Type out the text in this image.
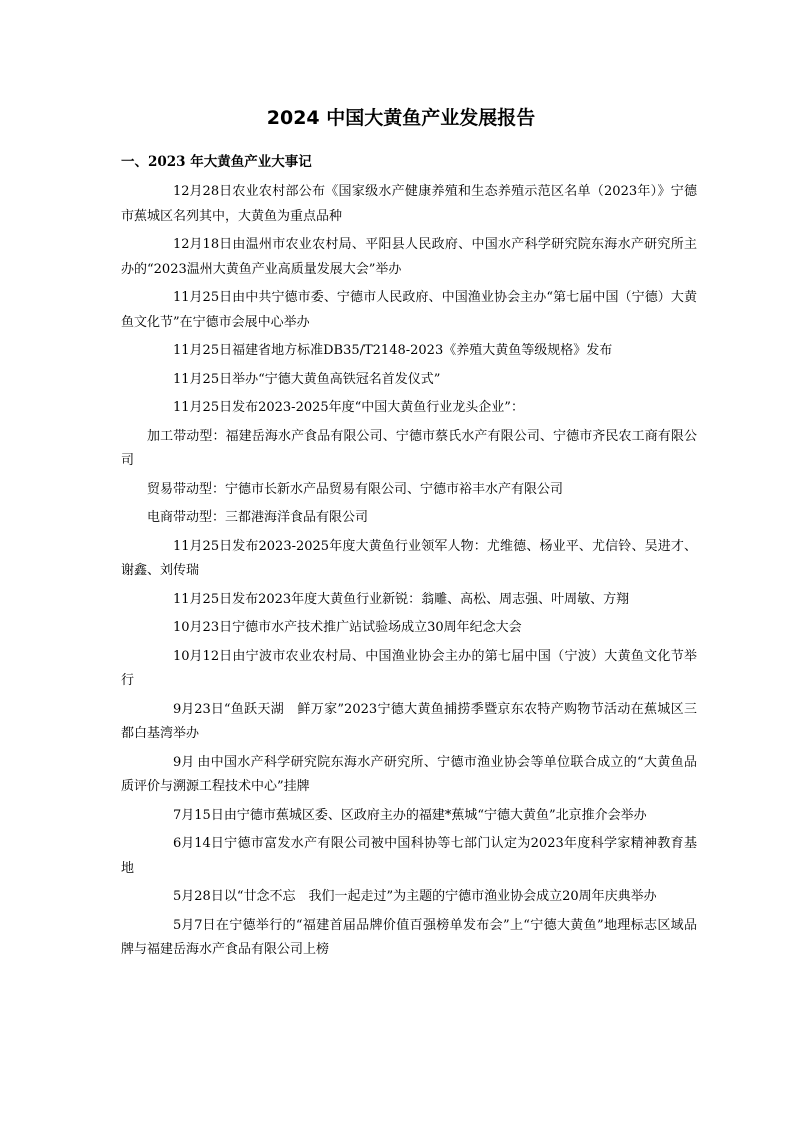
2024 中国大黄鱼产业发展报告
一、2023 年大黄鱼产业大事记

12月28日农业农村部公布《国家级水产健康养殖和生态养殖示范区名单（2023年）》宁德市蕉城区名列其中，大黄鱼为重点品种

12月18日由温州市农业农村局、平阳县人民政府、中国水产科学研究院东海水产研究所主办的“2023温州大黄鱼产业高质量发展大会”举办

11月25日由中共宁德市委、宁德市人民政府、中国渔业协会主办“第七届中国（宁德）大黄鱼文化节”在宁德市会展中心举办

11月25日福建省地方标准DB35/T2148-2023《养殖大黄鱼等级规格》发布

11月25日举办“宁德大黄鱼高铁冠名首发仪式”

11月25日发布2023-2025年度“中国大黄鱼行业龙头企业”：

加工带动型：福建岳海水产食品有限公司、宁德市蔡氏水产有限公司、宁德市齐民农工商有限公司

贸易带动型：宁德市长新水产品贸易有限公司、宁德市裕丰水产有限公司

电商带动型：三都港海洋食品有限公司

11月25日发布2023-2025年度大黄鱼行业领军人物：尤维德、杨业平、尤信铃、吴进才、谢鑫、刘传瑞

11月25日发布2023年度大黄鱼行业新锐：翁雕、高松、周志强、叶周敏、方翔

10月23日宁德市水产技术推广站试验场成立30周年纪念大会

10月12日由宁波市农业农村局、中国渔业协会主办的第七届中国（宁波）大黄鱼文化节举行

9月23日“鱼跃天湖　鲜万家”2023宁德大黄鱼捕捞季暨京东农特产购物节活动在蕉城区三都白基湾举办

9月 由中国水产科学研究院东海水产研究所、宁德市渔业协会等单位联合成立的“大黄鱼品质评价与溯源工程技术中心”挂牌

7月15日由宁德市蕉城区委、区政府主办的福建*蕉城“宁德大黄鱼”北京推介会举办

6月14日宁德市富发水产有限公司被中国科协等七部门认定为2023年度科学家精神教育基地

5月28日以“廿念不忘　我们一起走过”为主题的宁德市渔业协会成立20周年庆典举办

5月7日在宁德举行的“福建首届品牌价值百强榜单发布会”上“宁德大黄鱼”地理标志区域品牌与福建岳海水产食品有限公司上榜
